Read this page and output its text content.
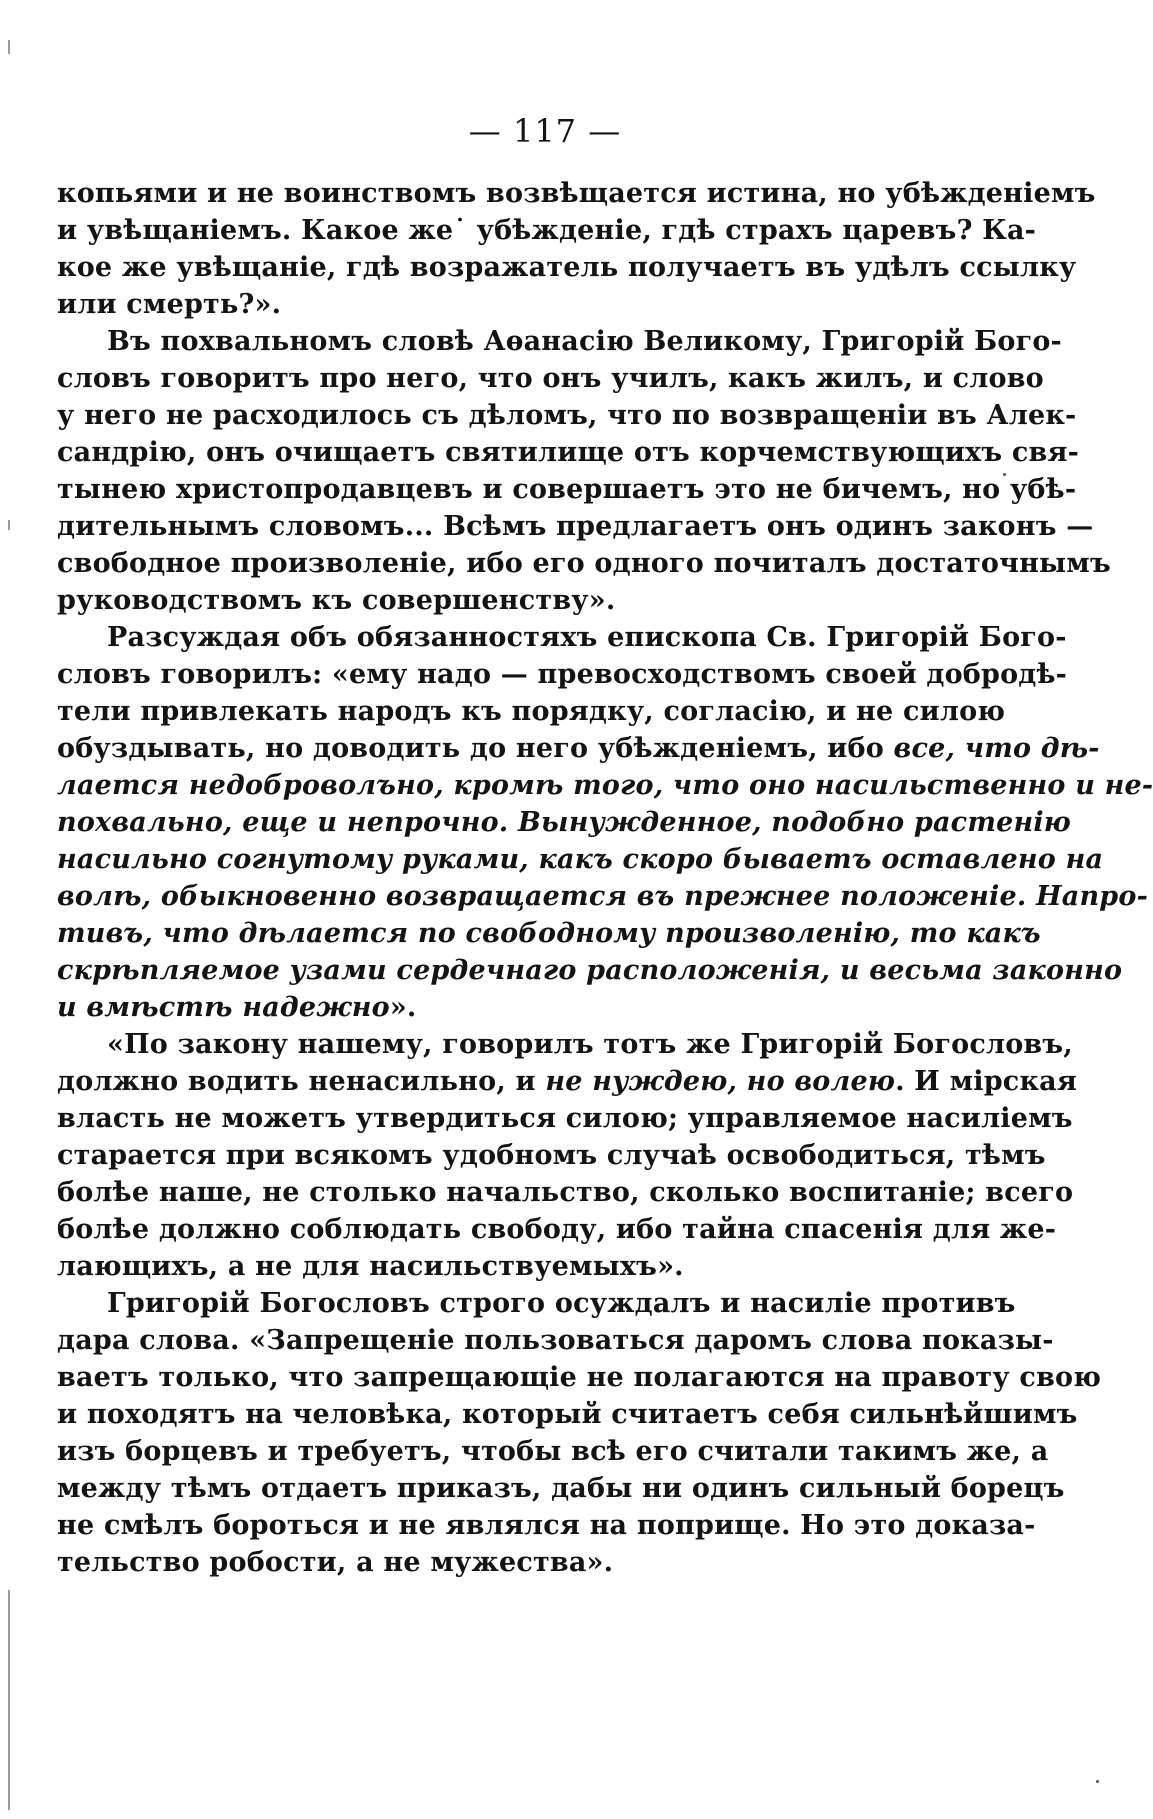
— 117 —
копьями и не воинствомъ возвѣщается истина, но убѣжденіемъ
и увѣщаніемъ. Какое же˙ убѣжденіе, гдѣ страхъ царевъ? Ка-
кое же увѣщаніе, гдѣ возражатель получаетъ въ удѣлъ ссылку
или смерть?».
Въ похвальномъ словѣ Аѳанасію Великому, Григорій Бого-
словъ говоритъ про него, что онъ училъ, какъ жилъ, и слово
у него не расходилось съ дѣломъ, что по возвращеніи въ Алек-
сандрію, онъ очищаетъ святилище отъ корчемствующихъ свя-
тынею христопродавцевъ и совершаетъ это не бичемъ, но убѣ-
дительнымъ словомъ... Всѣмъ предлагаетъ онъ одинъ законъ —
свободное произволеніе, ибо его одного почиталъ достаточнымъ
руководствомъ къ совершенству».
Разсуждая объ обязанностяхъ епископа Св. Григорій Бого-
словъ говорилъ: «ему надо — превосходствомъ своей добродѣ-
тели привлекать народъ къ порядку, согласію, и не силою
обуздывать, но доводить до него убѣжденіемъ, ибо все, что дѣ-
лается недоброволъно, кромѣ того, что оно насильственно и не-
похвально, еще и непрочно. Вынужденное, подобно растенію
насильно согнутому руками, какъ скоро бываетъ оставлено на
волѣ, обыкновенно возвращается въ прежнее положеніе. Напро-
тивъ, что дѣлается по свободному произволенію, то какъ
скрѣпляемое узами сердечнаго расположенія, и весьма законно
и вмѣстѣ надежно».
«По закону нашему, говорилъ тотъ же Григорій Богословъ,
должно водить ненасильно, и не нуждею, но волею. И мірская
власть не можетъ утвердиться силою; управляемое насиліемъ
старается при всякомъ удобномъ случаѣ освободиться, тѣмъ
болѣе наше, не столько начальство, сколько воспитаніе; всего
болѣе должно соблюдать свободу, ибо тайна спасенія для же-
лающихъ, а не для насильствуемыхъ».
Григорій Богословъ строго осуждалъ и насиліе противъ
дара слова. «Запрещеніе пользоваться даромъ слова показы-
ваетъ только, что запрещающіе не полагаются на правоту свою
и походятъ на человѣка, который считаетъ себя сильнѣйшимъ
изъ борцевъ и требуетъ, чтобы всѣ его считали такимъ же, а
между тѣмъ отдаетъ приказъ, дабы ни одинъ сильный борецъ
не смѣлъ бороться и не являлся на поприще. Но это доказа-
тельство робости, а не мужества».
